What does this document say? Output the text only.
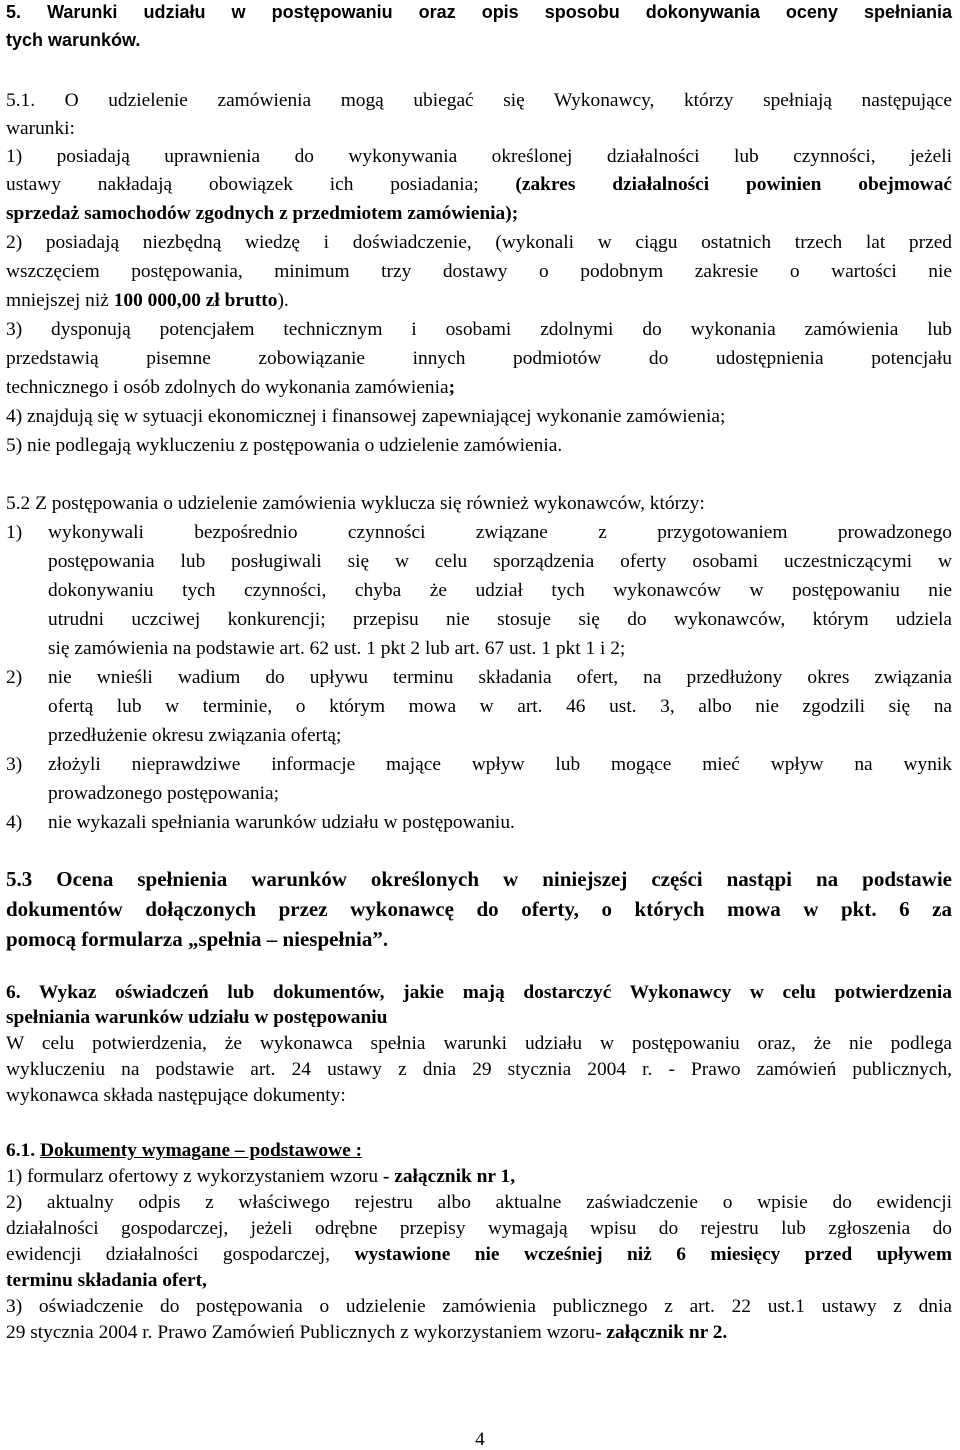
5. Warunki udziału w postępowaniu oraz opis sposobu dokonywania oceny spełniania
tych warunków.
5.1. O udzielenie zamówienia mogą ubiegać się Wykonawcy, którzy spełniają następujące
warunki:
1) posiadają uprawnienia do wykonywania określonej działalności lub czynności, jeżeli
ustawy nakładają obowiązek ich posiadania; (zakres działalności powinien obejmować
sprzedaż samochodów zgodnych z przedmiotem zamówienia);
2) posiadają niezbędną wiedzę i doświadczenie, (wykonali w ciągu ostatnich trzech lat przed
wszczęciem postępowania, minimum trzy dostawy o podobnym zakresie o wartości nie
mniejszej niż 100 000,00 zł brutto).
3) dysponują potencjałem technicznym i osobami zdolnymi do wykonania zamówienia lub
przedstawią pisemne zobowiązanie innych podmiotów do udostępnienia potencjału
technicznego i osób zdolnych do wykonania zamówienia;
4) znajdują się w sytuacji ekonomicznej i finansowej zapewniającej wykonanie zamówienia;
5) nie podlegają wykluczeniu z postępowania o udzielenie zamówienia.
5.2 Z postępowania o udzielenie zamówienia wyklucza się również wykonawców, którzy:
1) wykonywali bezpośrednio czynności związane z przygotowaniem prowadzonego
postępowania lub posługiwali się w celu sporządzenia oferty osobami uczestniczącymi w
dokonywaniu tych czynności, chyba że udział tych wykonawców w postępowaniu nie
utrudni uczciwej konkurencji; przepisu nie stosuje się do wykonawców, którym udziela
się zamówienia na podstawie art. 62 ust. 1 pkt 2 lub art. 67 ust. 1 pkt 1 i 2;
2) nie wnieśli wadium do upływu terminu składania ofert, na przedłużony okres związania
ofertą lub w terminie, o którym mowa w art. 46 ust. 3, albo nie zgodzili się na
przedłużenie okresu związania ofertą;
3) złożyli nieprawdziwe informacje mające wpływ lub mogące mieć wpływ na wynik
prowadzonego postępowania;
4) nie wykazali spełniania warunków udziału w postępowaniu.
5.3 Ocena spełnienia warunków określonych w niniejszej części nastąpi na podstawie
dokumentów dołączonych przez wykonawcę do oferty, o których mowa w pkt. 6 za
pomocą formularza „spełnia – niespełnia”.
6. Wykaz oświadczeń lub dokumentów, jakie mają dostarczyć Wykonawcy w celu potwierdzenia
spełniania warunków udziału w postępowaniu
W celu potwierdzenia, że wykonawca spełnia warunki udziału w postępowaniu oraz, że nie podlega
wykluczeniu na podstawie art. 24 ustawy z dnia 29 stycznia 2004 r. - Prawo zamówień publicznych,
wykonawca składa następujące dokumenty:
6.1. Dokumenty wymagane – podstawowe :
1) formularz ofertowy z wykorzystaniem wzoru - załącznik nr 1,
2) aktualny odpis z właściwego rejestru albo aktualne zaświadczenie o wpisie do ewidencji
działalności gospodarczej, jeżeli odrębne przepisy wymagają wpisu do rejestru lub zgłoszenia do
ewidencji działalności gospodarczej, wystawione nie wcześniej niż 6 miesięcy przed upływem
terminu składania ofert,
3) oświadczenie do postępowania o udzielenie zamówienia publicznego z art. 22 ust.1 ustawy z dnia
29 stycznia 2004 r. Prawo Zamówień Publicznych z wykorzystaniem wzoru- załącznik nr 2.
4
